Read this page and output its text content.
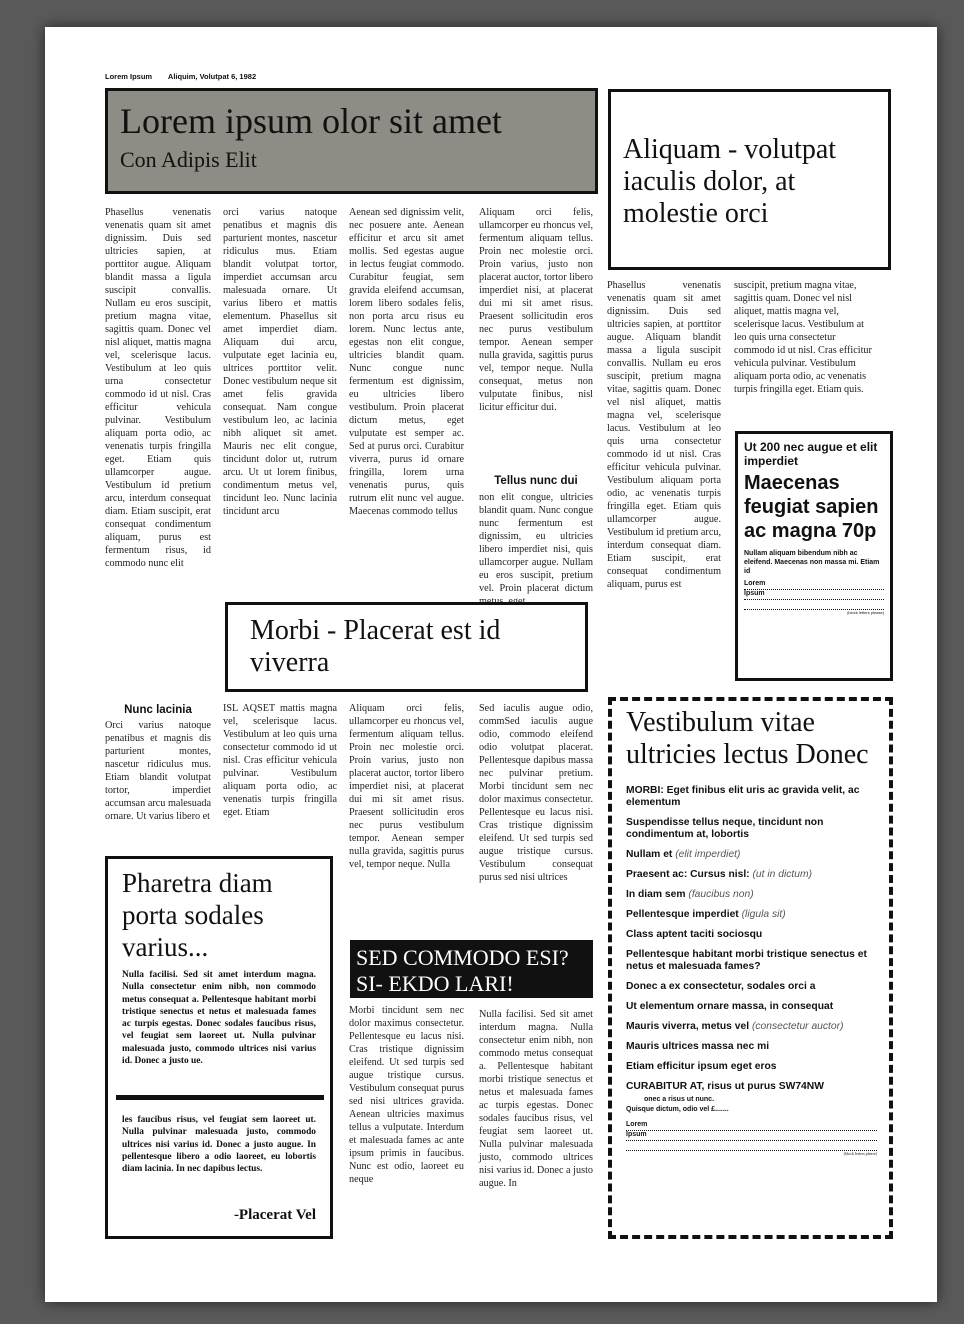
Lorem Ipsum Aliquim, Volutpat 6, 1982
Lorem ipsum olor sit amet
Con Adipis Elit
Phasellus venenatis venenatis quam sit amet dignissim. Duis sed ultricies sapien, at porttitor augue. Aliquam blandit massa a ligula suscipit convallis. Nullam eu eros suscipit, pretium magna vitae, sagittis quam. Donec vel nisl aliquet, mattis magna vel, scelerisque lacus. Vestibulum at leo quis urna consectetur commodo id ut nisl. Cras efficitur vehicula pulvinar. Vestibulum aliquam porta odio, ac venenatis turpis fringilla eget. Etiam quis ullamcorper augue. Vestibulum id pretium arcu, interdum consequat diam. Etiam suscipit, erat consequat condimentum aliquam, purus est fermentum risus, id commodo nunc elit
orci varius natoque penatibus et magnis dis parturient montes, nascetur ridiculus mus. Etiam blandit volutpat tortor, imperdiet accumsan arcu malesuada ornare. Ut varius libero et mattis elementum. Phasellus sit amet imperdiet diam. Aliquam dui arcu, vulputate eget lacinia eu, ultrices porttitor velit. Donec vestibulum neque sit amet felis gravida consequat. Nam congue vestibulum leo, ac lacinia nibh aliquet sit amet. Mauris nec elit congue, tincidunt dolor ut, rutrum arcu. Ut ut lorem finibus, condimentum metus vel, tincidunt leo. Nunc lacinia tincidunt arcu
Aenean sed dignissim velit, nec posuere ante. Aenean efficitur et arcu sit amet mollis. Sed egestas augue in lectus feugiat commodo. Curabitur feugiat, sem gravida eleifend accumsan, lorem libero sodales felis, non porta arcu risus eu lorem. Nunc lectus ante, egestas non elit congue, ultricies blandit quam. Nunc congue nunc fermentum est dignissim, eu ultricies libero vestibulum. Proin placerat dictum metus, eget vulputate est semper ac. Sed at purus orci. Curabitur viverra, purus id ornare fringilla, lorem urna venenatis purus, quis rutrum elit nunc vel augue. Maecenas commodo tellus
Aliquam orci felis, ullamcorper eu rhoncus vel, fermentum aliquam tellus. Proin nec molestie orci. Proin varius, justo non placerat auctor, tortor libero imperdiet nisi, at placerat dui mi sit amet risus. Praesent sollicitudin eros nec purus vestibulum tempor. Aenean semper nulla gravida, sagittis purus vel, tempor neque. Nulla consequat, metus non vulputate finibus, nisl licitur efficitur dui.
Tellus nunc dui
non elit congue, ultricies blandit quam. Nunc congue nunc fermentum est dignissim, eu ultricies libero imperdiet nisi, quis ullamcorper augue. Nullam eu eros suscipit, pretium vel. Proin placerat dictum
Aliquam - volutpat iaculis dolor, at molestie orci
Phasellus venenatis venenatis quam sit amet dignissim. Duis sed ultricies sapien, at porttitor augue. Aliquam blandit massa a ligula suscipit convallis. Nullam eu eros suscipit, pretium magna vitae, sagittis quam. Donec vel nisl aliquet, mattis magna vel, scelerisque lacus. Vestibulum at leo quis urna consectetur commodo id ut nisl. Cras efficitur vehicula pulvinar. Vestibulum aliquam porta odio, ac venenatis turpis fringilla eget. Etiam quis ullamcorper augue. Vestibulum id pretium arcu, interdum consequat diam. Etiam suscipit, erat consequat condimentum aliquam, purus est
suscipit, pretium magna vitae, sagittis quam. Donec vel nisl aliquet, mattis magna vel, scelerisque lacus. Vestibulum at leo quis urna consectetur commodo id ut nisl. Cras efficitur vehicula pulvinar. Vestibulum aliquam porta odio, ac venenatis turpis fringilla eget. Etiam quis.
Ut 200 nec augue et elit imperdiet
Maecenas feugiat sapien ac magna 70p
Nullam aliquam bibendum nibh ac eleifend. Maecenas non massa mi. Etiam id
Lorem
Ipsum
(block letters please)
Morbi - Placerat est id viverra
Nunc lacinia
Orci varius natoque penatibus et magnis dis parturient montes, nascetur ridiculus mus. Etiam blandit volutpat tortor, imperdiet accumsan arcu malesuada ornare. Ut varius libero et
ISL AQSET mattis magna vel, scelerisque lacus. Vestibulum at leo quis urna consectetur commodo id ut nisl. Cras efficitur vehicula pulvinar. Vestibulum aliquam porta odio, ac venenatis turpis fringilla eget. Etiam
Aliquam orci felis, ullamcorper eu rhoncus vel, fermentum aliquam tellus. Proin nec molestie orci. Proin varius, justo non placerat auctor, tortor libero imperdiet nisi, at placerat dui mi sit amet risus. Praesent sollicitudin eros nec purus vestibulum tempor. Aenean semper nulla gravida, sagittis purus vel, tempor neque. Nulla
Sed iaculis augue odio, commSed iaculis augue odio, commodo eleifend odio volutpat placerat. Pellentesque dapibus massa nec pulvinar pretium. Morbi tincidunt sem nec dolor maximus consectetur. Pellentesque eu lacus nisi. Cras tristique dignissim eleifend. Ut sed turpis sed augue tristique cursus. Vestibulum consequat purus sed nisi ultrices
Pharetra diam porta sodales varius...
Nulla facilisi. Sed sit amet interdum magna. Nulla consectetur enim nibh, non commodo metus consequat a. Pellentesque habitant morbi tristique senectus et netus et malesuada fames ac turpis egestas. Donec sodales faucibus risus, vel feugiat sem laoreet ut. Nulla pulvinar malesuada justo, commodo ultrices nisi varius id. Donec a justo ue.
les faucibus risus, vel feugiat sem laoreet ut. Nulla pulvinar malesuada justo, commodo ultrices nisi varius id. Donec a justo augue. In pellentesque libero a odio laoreet, eu lobortis diam lacinia. In nec dapibus lectus.
-Placerat Vel
SED COMMODO ESI? SI- EKDO LARI!
Morbi tincidunt sem nec dolor maximus consectetur. Pellentesque eu lacus nisi. Cras tristique dignissim eleifend. Ut sed turpis sed augue tristique cursus. Vestibulum consequat purus sed nisi ultrices gravida. Aenean ultricies maximus tellus a vulputate. Interdum et malesuada fames ac ante ipsum primis in faucibus. Nunc est odio, laoreet eu neque
Nulla facilisi. Sed sit amet interdum magna. Nulla consectetur enim nibh, non commodo metus consequat a. Pellentesque habitant morbi tristique senectus et netus et malesuada fames ac turpis egestas. Donec sodales faucibus risus, vel feugiat sem laoreet ut. Nulla pulvinar malesuada justo, commodo ultrices nisi varius id. Donec a justo augue. In
Vestibulum vitae ultricies lectus Donec
MORBI: Eget finibus elit uris ac gravida velit, ac elementum
Suspendisse tellus neque, tincidunt non condimentum at, lobortis
Nullam et (elit imperdiet)
Praesent ac: Cursus nisl: (ut in dictum)
In diam sem (faucibus non)
Pellentesque imperdiet (ligula sit)
Class aptent taciti sociosqu
Pellentesque habitant morbi tristique senectus et netus et malesuada fames?
Donec a ex consectetur, sodales orci a
Ut elementum ornare massa, in consequat
Mauris viverra, metus vel (consectetur auctor)
Mauris ultrices massa nec mi
Etiam efficitur ipsum eget eros
CURABITUR AT, risus ut purus SW74NW
onec a risus ut nunc.
Quisque dictum, odio vel £.......
Lorem
Ipsum
(block letters please)
